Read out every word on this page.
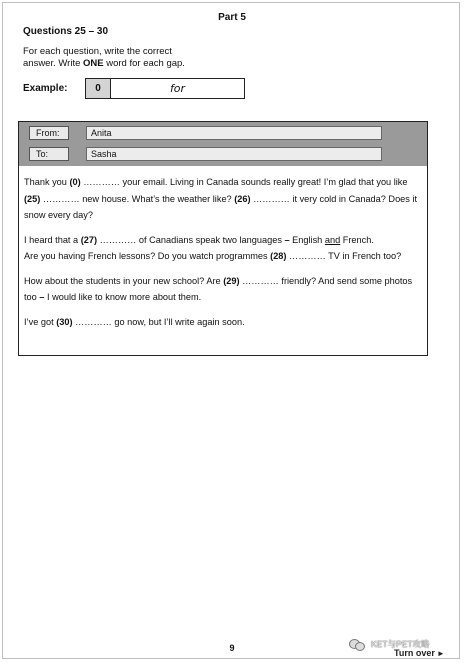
Part 5
Questions 25 – 30
For each question, write the correct
answer. Write ONE word for each gap.
Example:	0	for
From:	Anita
To:	Sasha

Thank you (0) ………… your email. Living in Canada sounds really great! I’m glad that you like (25) ………… new house. What’s the weather like? (26) ………… it very cold in Canada? Does it snow every day?

I heard that a (27) ………… of Canadians speak two languages – English and French.
Are you having French lessons? Do you watch programmes (28) ………… TV in French too?

How about the students in your new school? Are (29) ………… friendly? And send some photos too – I would like to know more about them.

I’ve got (30) ………… go now, but I’ll write again soon.

9	KET与PET攻略
Turn over ►
